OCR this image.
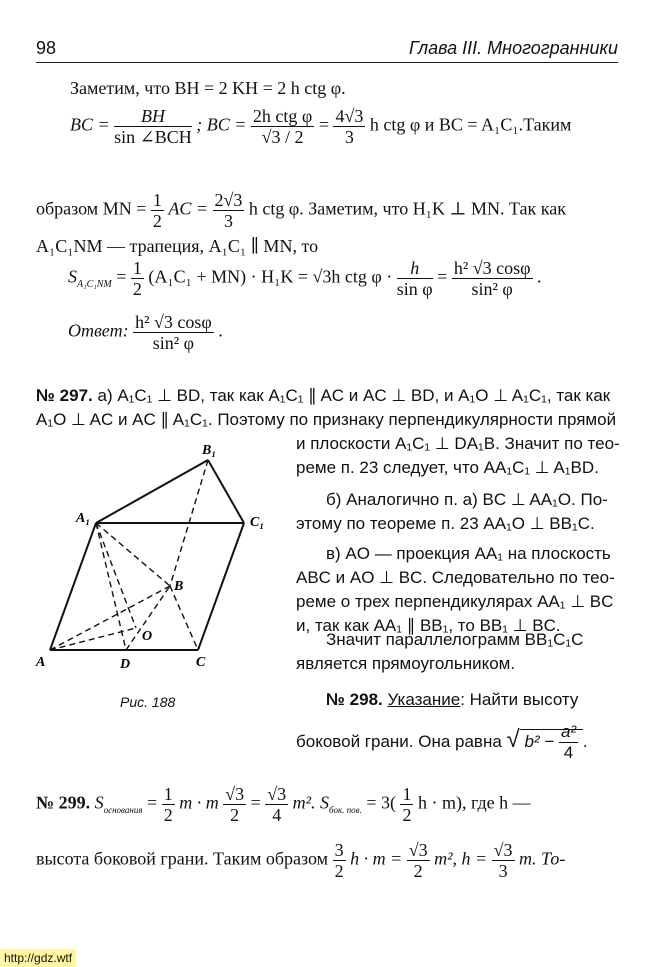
98	Глава III. Многогранники
Заметим, что BH = 2 KH = 2 h ctg φ.
BC = $\frac{BH}{\text{sin ∠BCH}}$ ; BC = $\frac{\text{2h ctg φ}}{√3 / 2} = \frac{4√3}{3}$ h ctg φ и BC = A₁C₁.Таким
образом MN = $\frac{1}{2}$ AC = $\frac{2√3}{3}$ h ctg φ. Заметим, что H₁K ⊥ MN. Так как
A₁C₁NM — трапеция, A₁C₁ ∥ MN, то
$S_{A_1C_1NM} = \frac{1}{2} (A_1C_1 + MN) \cdot H_1K = √3h$ ctg $\varphi \cdot \frac{h}{\text{sin φ}} = \frac{\text{h² √3 cosφ}}{\text{sin² φ}}$ .
Ответ: $\frac{\text{h² √3 cosφ}}{\text{sin² φ}}$ .
№ 297. а) A₁C₁ ⊥ BD, так как A₁C₁ ∥ AC и AC ⊥ BD, и A₁O ⊥ A₁C₁, так как
A₁O ⊥ AC и AC ∥ A₁C₁. Поэтому по признаку перпендикулярности прямой
и плоскости A₁C₁ ⊥ DA₁B. Значит по тео-
реме п. 23 следует, что AA₁C₁ ⊥ A₁BD.
б) Аналогично п. а) BC ⊥ AA₁O. По-
этому по теореме п. 23 AA₁O ⊥ BB₁C.
в) AO — проекция AA₁ на плоскость
ABC и AO ⊥ BC. Следовательно по тео-
реме о трех перпендикулярах AA₁ ⊥ BC
и, так как AA₁ ∥ BB₁, то BB₁ ⊥ BC.
Значит параллелограмм BB₁C₁C
является прямоугольником.
B₁
A₁	C₁
B
O
A	D	C
Рис. 188	№ 298. Указание: Найти высоту
боковой грани. Она равна √ $b^2 - \frac{\text{a²}}{4}$ .
№ 299. $S_{основания} = \frac{1}{2}$ m · m $\frac{√3}{2} = \frac{√3}{4} m^2$. $S_{бок. пов.} = 3( \frac{1}{2}$ h · m), где h —
высота боковой грани. Таким образом $\frac{3}{2}$ $h \cdot m = \frac{√3}{2} m^2$, $h = \frac{√3}{3} m$. То-
http://gdz.wtf
